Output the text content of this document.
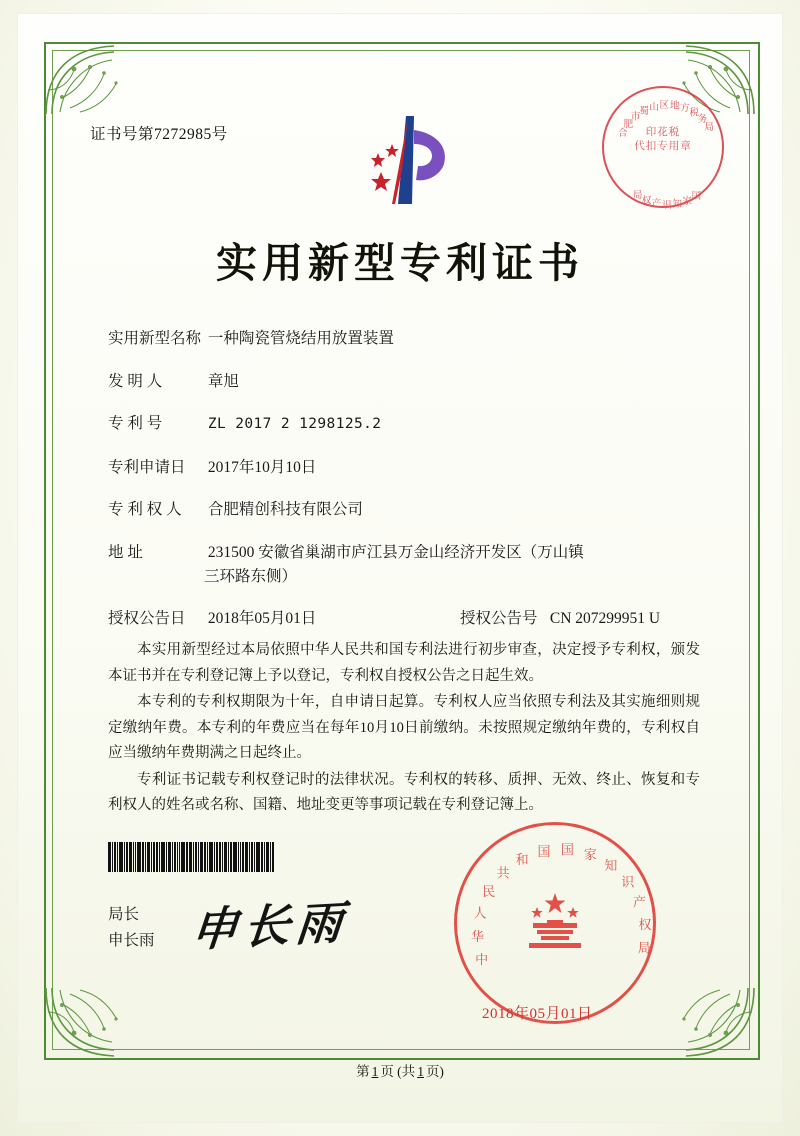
证书号第7272985号	合
肥
市
蜀 山 区 地 方 税
务
局
印花税
代扣专用章
国
家
知
识
产
权
局
实用新型专利证书
实用新型名称 一种陶瓷管烧结用放置装置
发 明 人	章旭
专 利 号	ZL 2017 2 1298125.2
专利申请日 2017年10月10日
专 利 权 人 合肥精创科技有限公司
地 址	231500 安徽省巢湖市庐江县万金山经济开发区（万山镇
三环路东侧）
授权公告日 2018年05月01日	授权公告号 CN 207299951 U

本实用新型经过本局依照中华人民共和国专利法进行初步审查，决定授予专利权，颁发本证书并在专利登记簿上予以登记，专利权自授权公告之日起生效。

本专利的专利权期限为十年，自申请日起算。专利权人应当依照专利法及其实施细则规定缴纳年费。本专利的年费应当在每年10月10日前缴纳。未按照规定缴纳年费的，专利权自应当缴纳年费期满之日起终止。

专利证书记载专利权登记时的法律状况。专利权的转移、质押、无效、终止、恢复和专利权人的姓名或名称、国籍、地址变更等事项记载在专利登记簿上。

局长
申长雨 申长雨
中
华
人
民
共
和
国 国 家
知
识
产
权
局
2018年05月01日
第 1 页 (共 1 页)
